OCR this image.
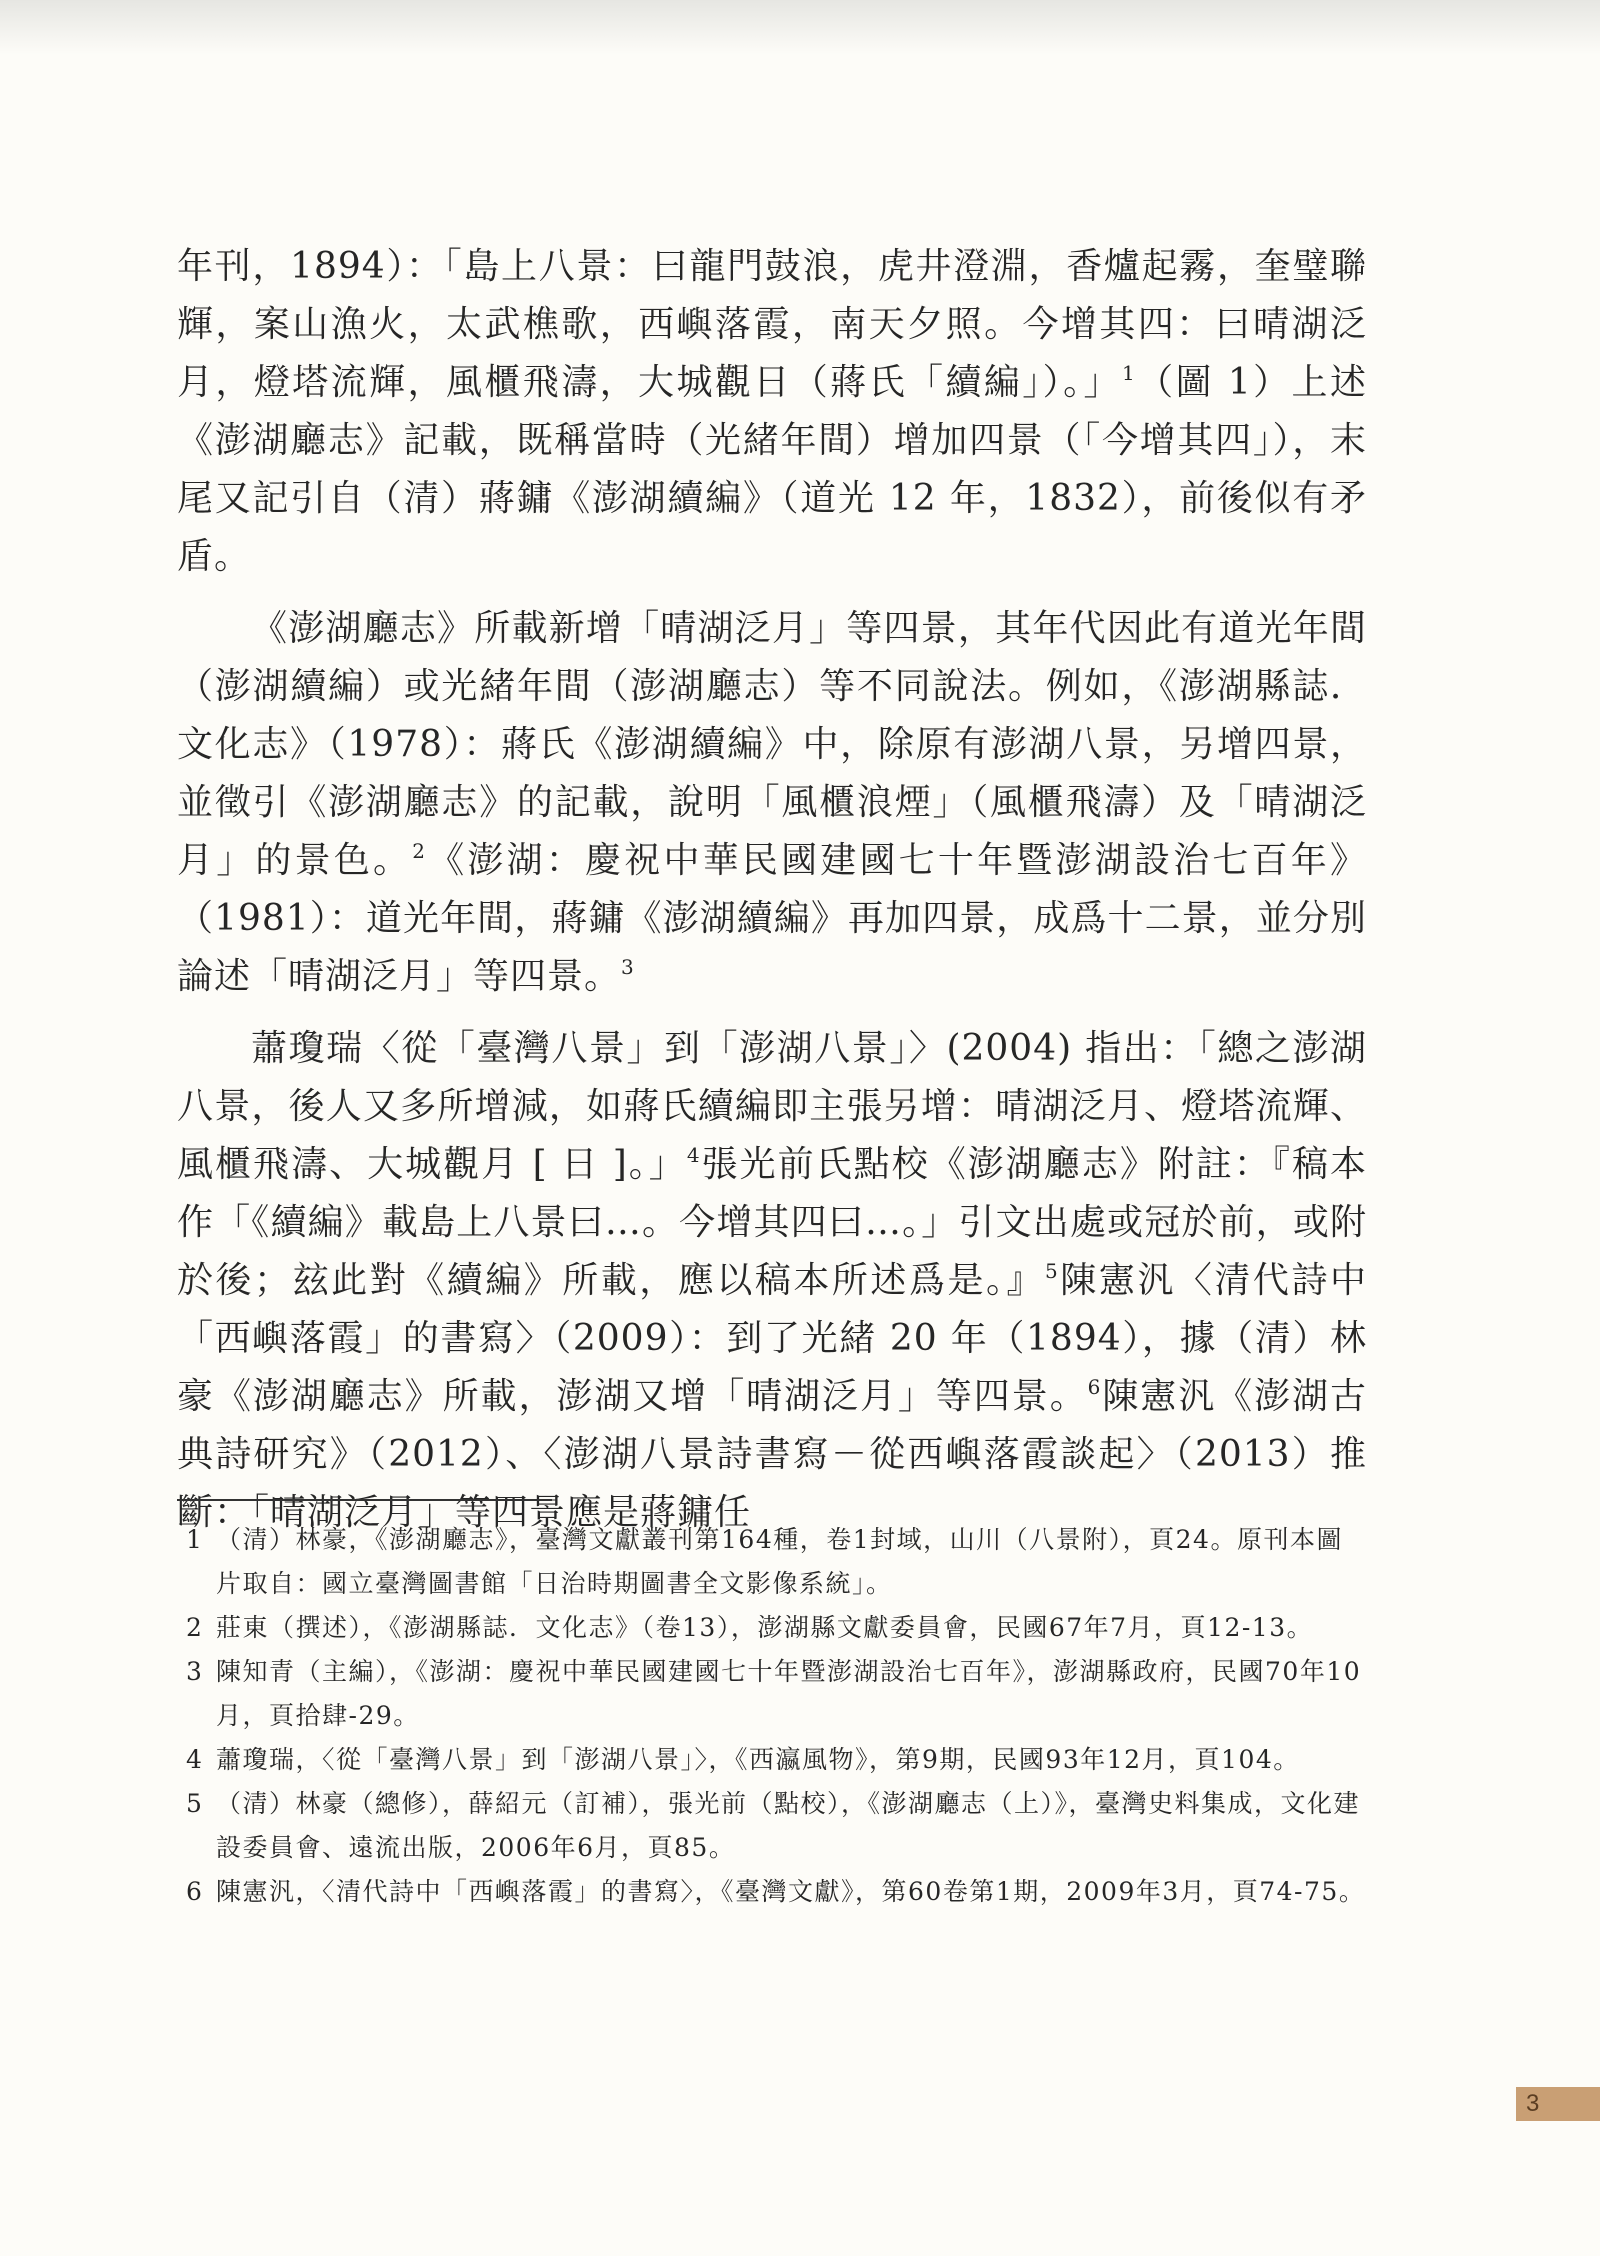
年刊，1894）：「島上八景：曰龍門鼓浪，虎井澄淵，香爐起霧，奎璧聯輝，案山漁火，太武樵歌，西嶼落霞，南天夕照。今增其四：曰晴湖泛月，燈塔流輝，風櫃飛濤，大城觀日（蔣氏「續編」）。」$^1$（圖 1）上述《澎湖廳志》記載，既稱當時（光緒年間）增加四景（「今增其四」），末尾又記引自（清）蔣鏞《澎湖續編》（道光 12 年，1832），前後似有矛盾。

《澎湖廳志》所載新增「晴湖泛月」等四景，其年代因此有道光年間（澎湖續編）或光緒年間（澎湖廳志）等不同說法。例如，《澎湖縣誌．文化志》（1978）：蔣氏《澎湖續編》中，除原有澎湖八景，另增四景，並徵引《澎湖廳志》的記載，說明「風櫃浪煙」（風櫃飛濤）及「晴湖泛月」的景色。$^2$《澎湖：慶祝中華民國建國七十年暨澎湖設治七百年》（1981）：道光年間，蔣鏞《澎湖續編》再加四景，成爲十二景，並分別論述「晴湖泛月」等四景。$^3$

蕭瓊瑞〈從「臺灣八景」到「澎湖八景」〉(2004) 指出：「總之澎湖八景，後人又多所增減，如蔣氏續編即主張另增：晴湖泛月、燈塔流輝、風櫃飛濤、大城觀月 [ 日 ]。」$^4$張光前氏點校《澎湖廳志》附註：『稿本作「《續編》載島上八景曰…。今增其四曰…。」引文出處或冠於前，或附於後；玆此對《續編》所載，應以稿本所述爲是。』$^5$陳憲汎〈清代詩中「西嶼落霞」的書寫〉（2009）：到了光緒 20 年（1894），據（清）林豪《澎湖廳志》所載，澎湖又增「晴湖泛月」等四景。$^6$陳憲汎《澎湖古典詩研究》（2012）、〈澎湖八景詩書寫－從西嶼落霞談起〉（2013）推斷：「晴湖泛月」等四景應是蔣鏞任

1 （清）林豪，《澎湖廳志》，臺灣文獻叢刊第164種，卷1封域，山川（八景附），頁24。原刊本圖片取自：國立臺灣圖書館「日治時期圖書全文影像系統」。
2 莊東（撰述），《澎湖縣誌．文化志》（卷13），澎湖縣文獻委員會，民國67年7月，頁12-13。
3 陳知青（主編），《澎湖：慶祝中華民國建國七十年暨澎湖設治七百年》，澎湖縣政府，民國70年10月，頁拾肆-29。
4 蕭瓊瑞，〈從「臺灣八景」到「澎湖八景」〉，《西瀛風物》，第9期，民國93年12月，頁104。
5 （清）林豪（總修），薛紹元（訂補），張光前（點校），《澎湖廳志（上）》，臺灣史料集成，文化建設委員會、遠流出版，2006年6月，頁85。
6 陳憲汎，〈清代詩中「西嶼落霞」的書寫〉，《臺灣文獻》，第60卷第1期，2009年3月，頁74-75。
3
